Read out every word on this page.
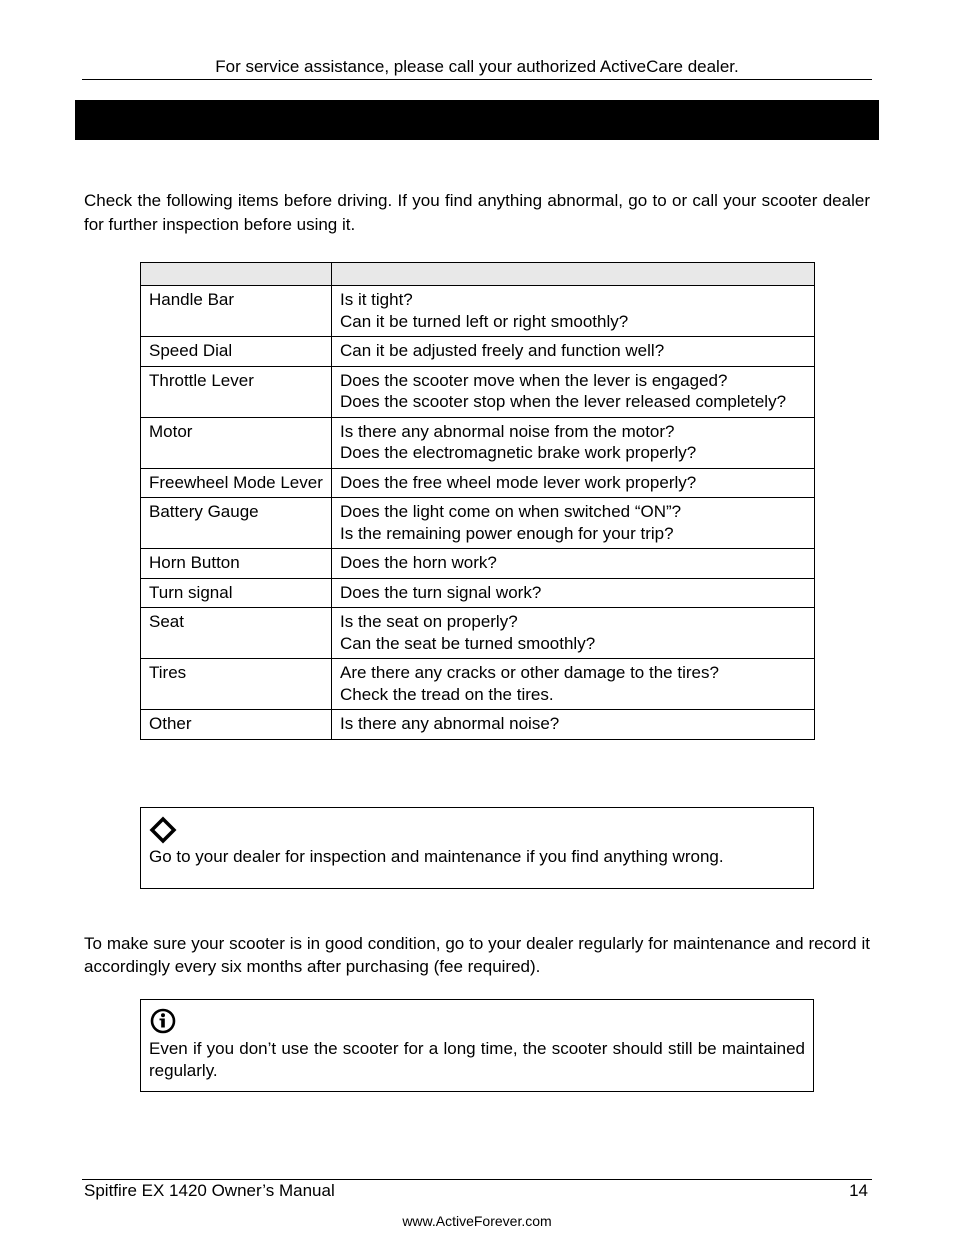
For service assistance, please call your authorized ActiveCare dealer.

Check the following items before driving. If you find anything abnormal, go to or call your scooter dealer for further inspection before using it.

Handle Bar	Is it tight?
Can it be turned left or right smoothly?

Speed Dial	Can it be adjusted freely and function well?

Throttle Lever	Does the scooter move when the lever is engaged?
Does the scooter stop when the lever released completely?

Motor	Is there any abnormal noise from the motor?
Does the electromagnetic brake work properly?

Freewheel Mode Lever	Does the free wheel mode lever work properly?

Battery Gauge	Does the light come on when switched “ON”?
Is the remaining power enough for your trip?

Horn Button	Does the horn work?

Turn signal	Does the turn signal work?

Seat	Is the seat on properly?
Can the seat be turned smoothly?

Tires	Are there any cracks or other damage to the tires?
Check the tread on the tires.

Other	Is there any abnormal noise?
Go to your dealer for inspection and maintenance if you find anything wrong.

To make sure your scooter is in good condition, go to your dealer regularly for maintenance and record it accordingly every six months after purchasing (fee required).

Even if you don’t use the scooter for a long time, the scooter should still be maintained regularly.
Spitfire EX 1420 Owner’s Manual	14
www.ActiveForever.com
